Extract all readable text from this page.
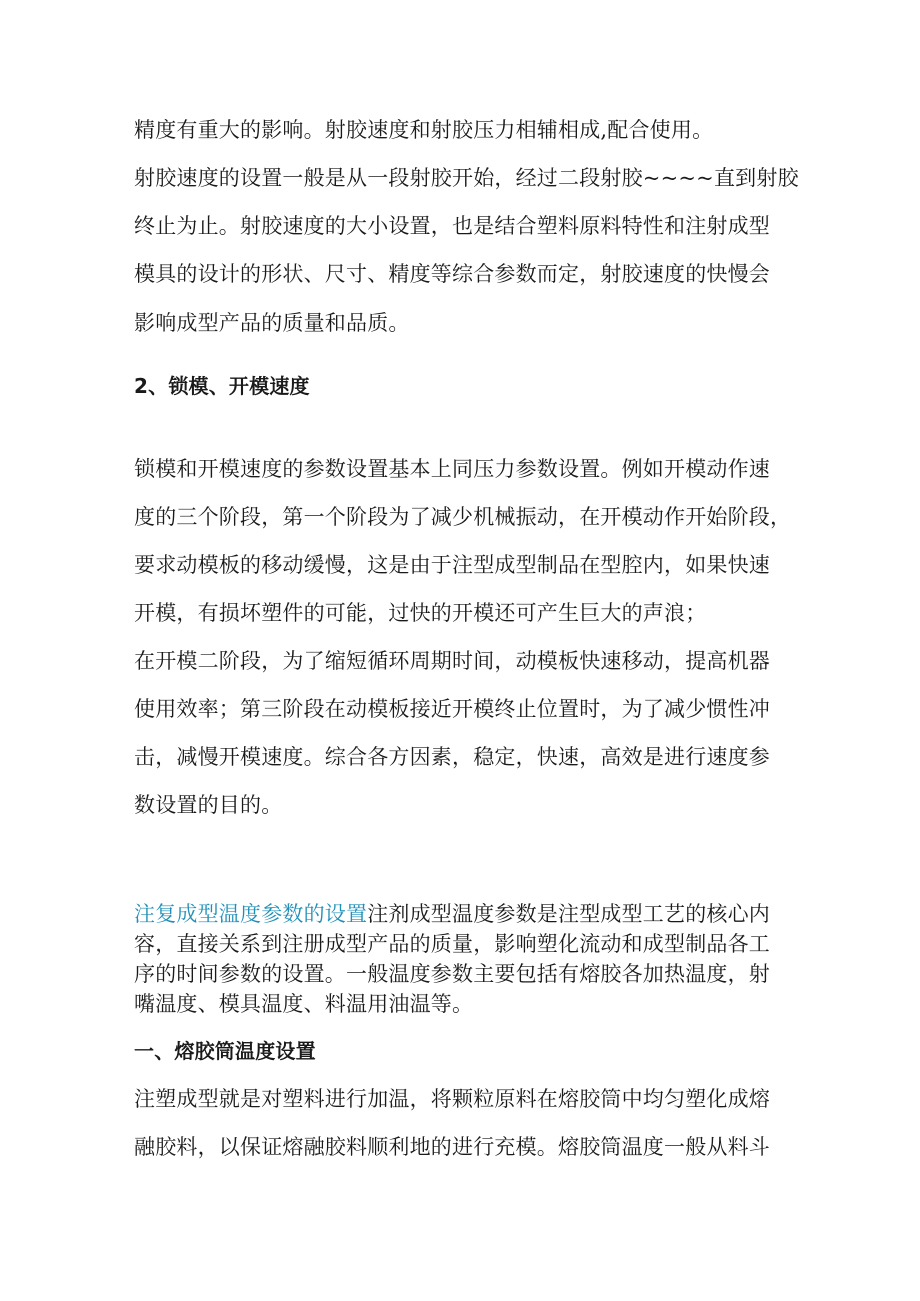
精度有重大的影响。射胶速度和射胶压力相辅相成,配合使用。
射胶速度的设置一般是从一段射胶开始，经过二段射胶~~~~直到射胶
终止为止。射胶速度的大小设置，也是结合塑料原料特性和注射成型
模具的设计的形状、尺寸、精度等综合参数而定，射胶速度的快慢会
影响成型产品的质量和品质。
2、锁模、开模速度
锁模和开模速度的参数设置基本上同压力参数设置。例如开模动作速
度的三个阶段，第一个阶段为了减少机械振动，在开模动作开始阶段，
要求动模板的移动缓慢，这是由于注型成型制品在型腔内，如果快速
开模，有损坏塑件的可能，过快的开模还可产生巨大的声浪；
在开模二阶段，为了缩短循环周期时间，动模板快速移动，提高机器
使用效率；第三阶段在动模板接近开模终止位置时，为了减少惯性冲
击，减慢开模速度。综合各方因素，稳定，快速，高效是进行速度参
数设置的目的。
注复成型温度参数的设置注剂成型温度参数是注型成型工艺的核心内
容，直接关系到注册成型产品的质量，影响塑化流动和成型制品各工
序的时间参数的设置。一般温度参数主要包括有熔胶各加热温度，射
嘴温度、模具温度、料温用油温等。
一、熔胶筒温度设置
注塑成型就是对塑料进行加温，将颗粒原料在熔胶筒中均匀塑化成熔
融胶料，以保证熔融胶料顺利地的进行充模。熔胶筒温度一般从料斗
